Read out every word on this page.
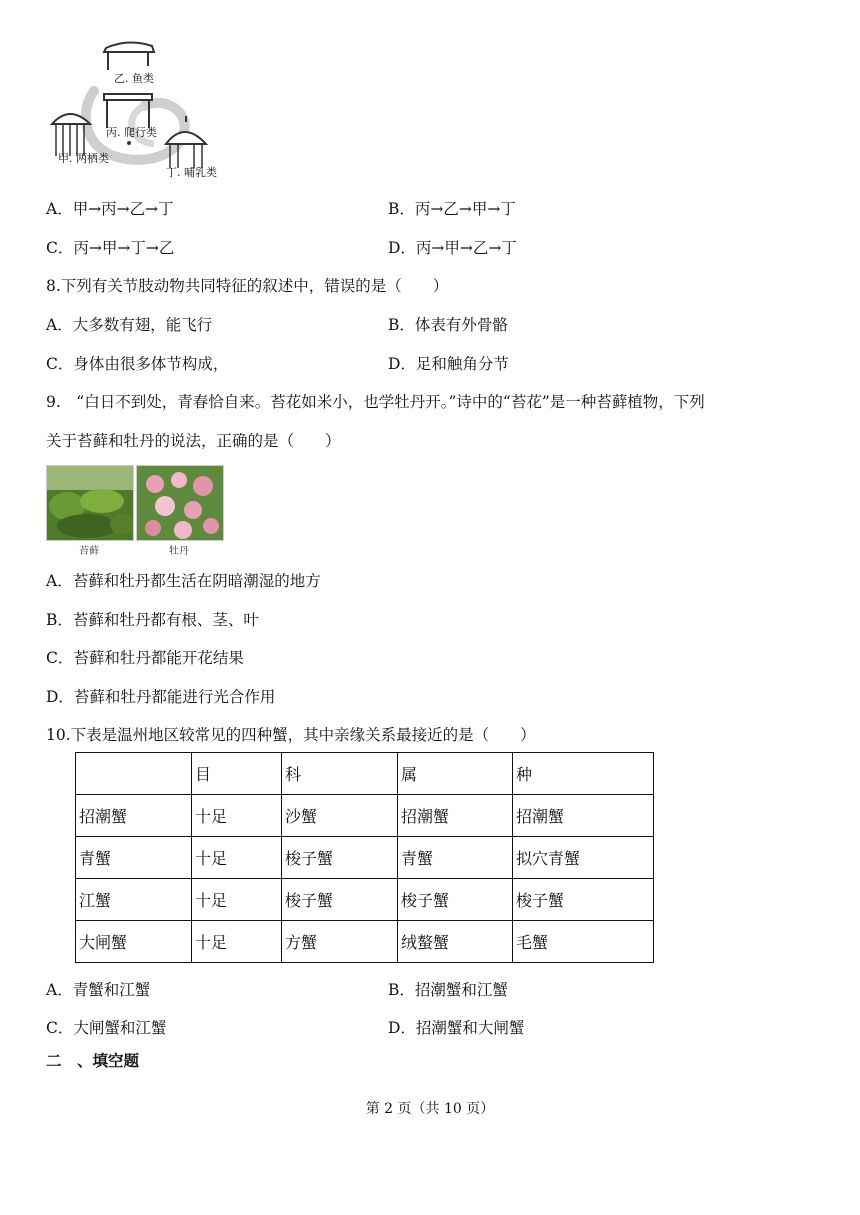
乙. 鱼类
丙. 爬行类
甲. 两栖类
丁. 哺乳类
A．甲→丙→乙→丁	B．丙→乙→甲→丁
C．丙→甲→丁→乙	D．丙→甲→乙→丁
8.下列有关节肢动物共同特征的叙述中，错误的是（　　）
A．大多数有翅，能飞行	B．体表有外骨骼
C．身体由很多体节构成，	D．足和触角分节
9.　“白日不到处，青春恰自来。苔花如米小，也学牡丹开。”诗中的“苔花”是一种苔藓植物，下列
关于苔藓和牡丹的说法，正确的是（　　）
苔藓	牡丹
A．苔藓和牡丹都生活在阴暗潮湿的地方
B．苔藓和牡丹都有根、茎、叶
C．苔藓和牡丹都能开花结果
D．苔藓和牡丹都能进行光合作用
10.下表是温州地区较常见的四种蟹，其中亲缘关系最接近的是（　　）
	目	科	属	种
招潮蟹	十足	沙蟹	招潮蟹	招潮蟹
青蟹	十足	梭子蟹	青蟹	拟穴青蟹
江蟹	十足	梭子蟹	梭子蟹	梭子蟹
大闸蟹	十足	方蟹	绒螯蟹	毛蟹
A．青蟹和江蟹	B．招潮蟹和江蟹
C．大闸蟹和江蟹	D．招潮蟹和大闸蟹
二　、填空题
第 2 页（共 10 页）
